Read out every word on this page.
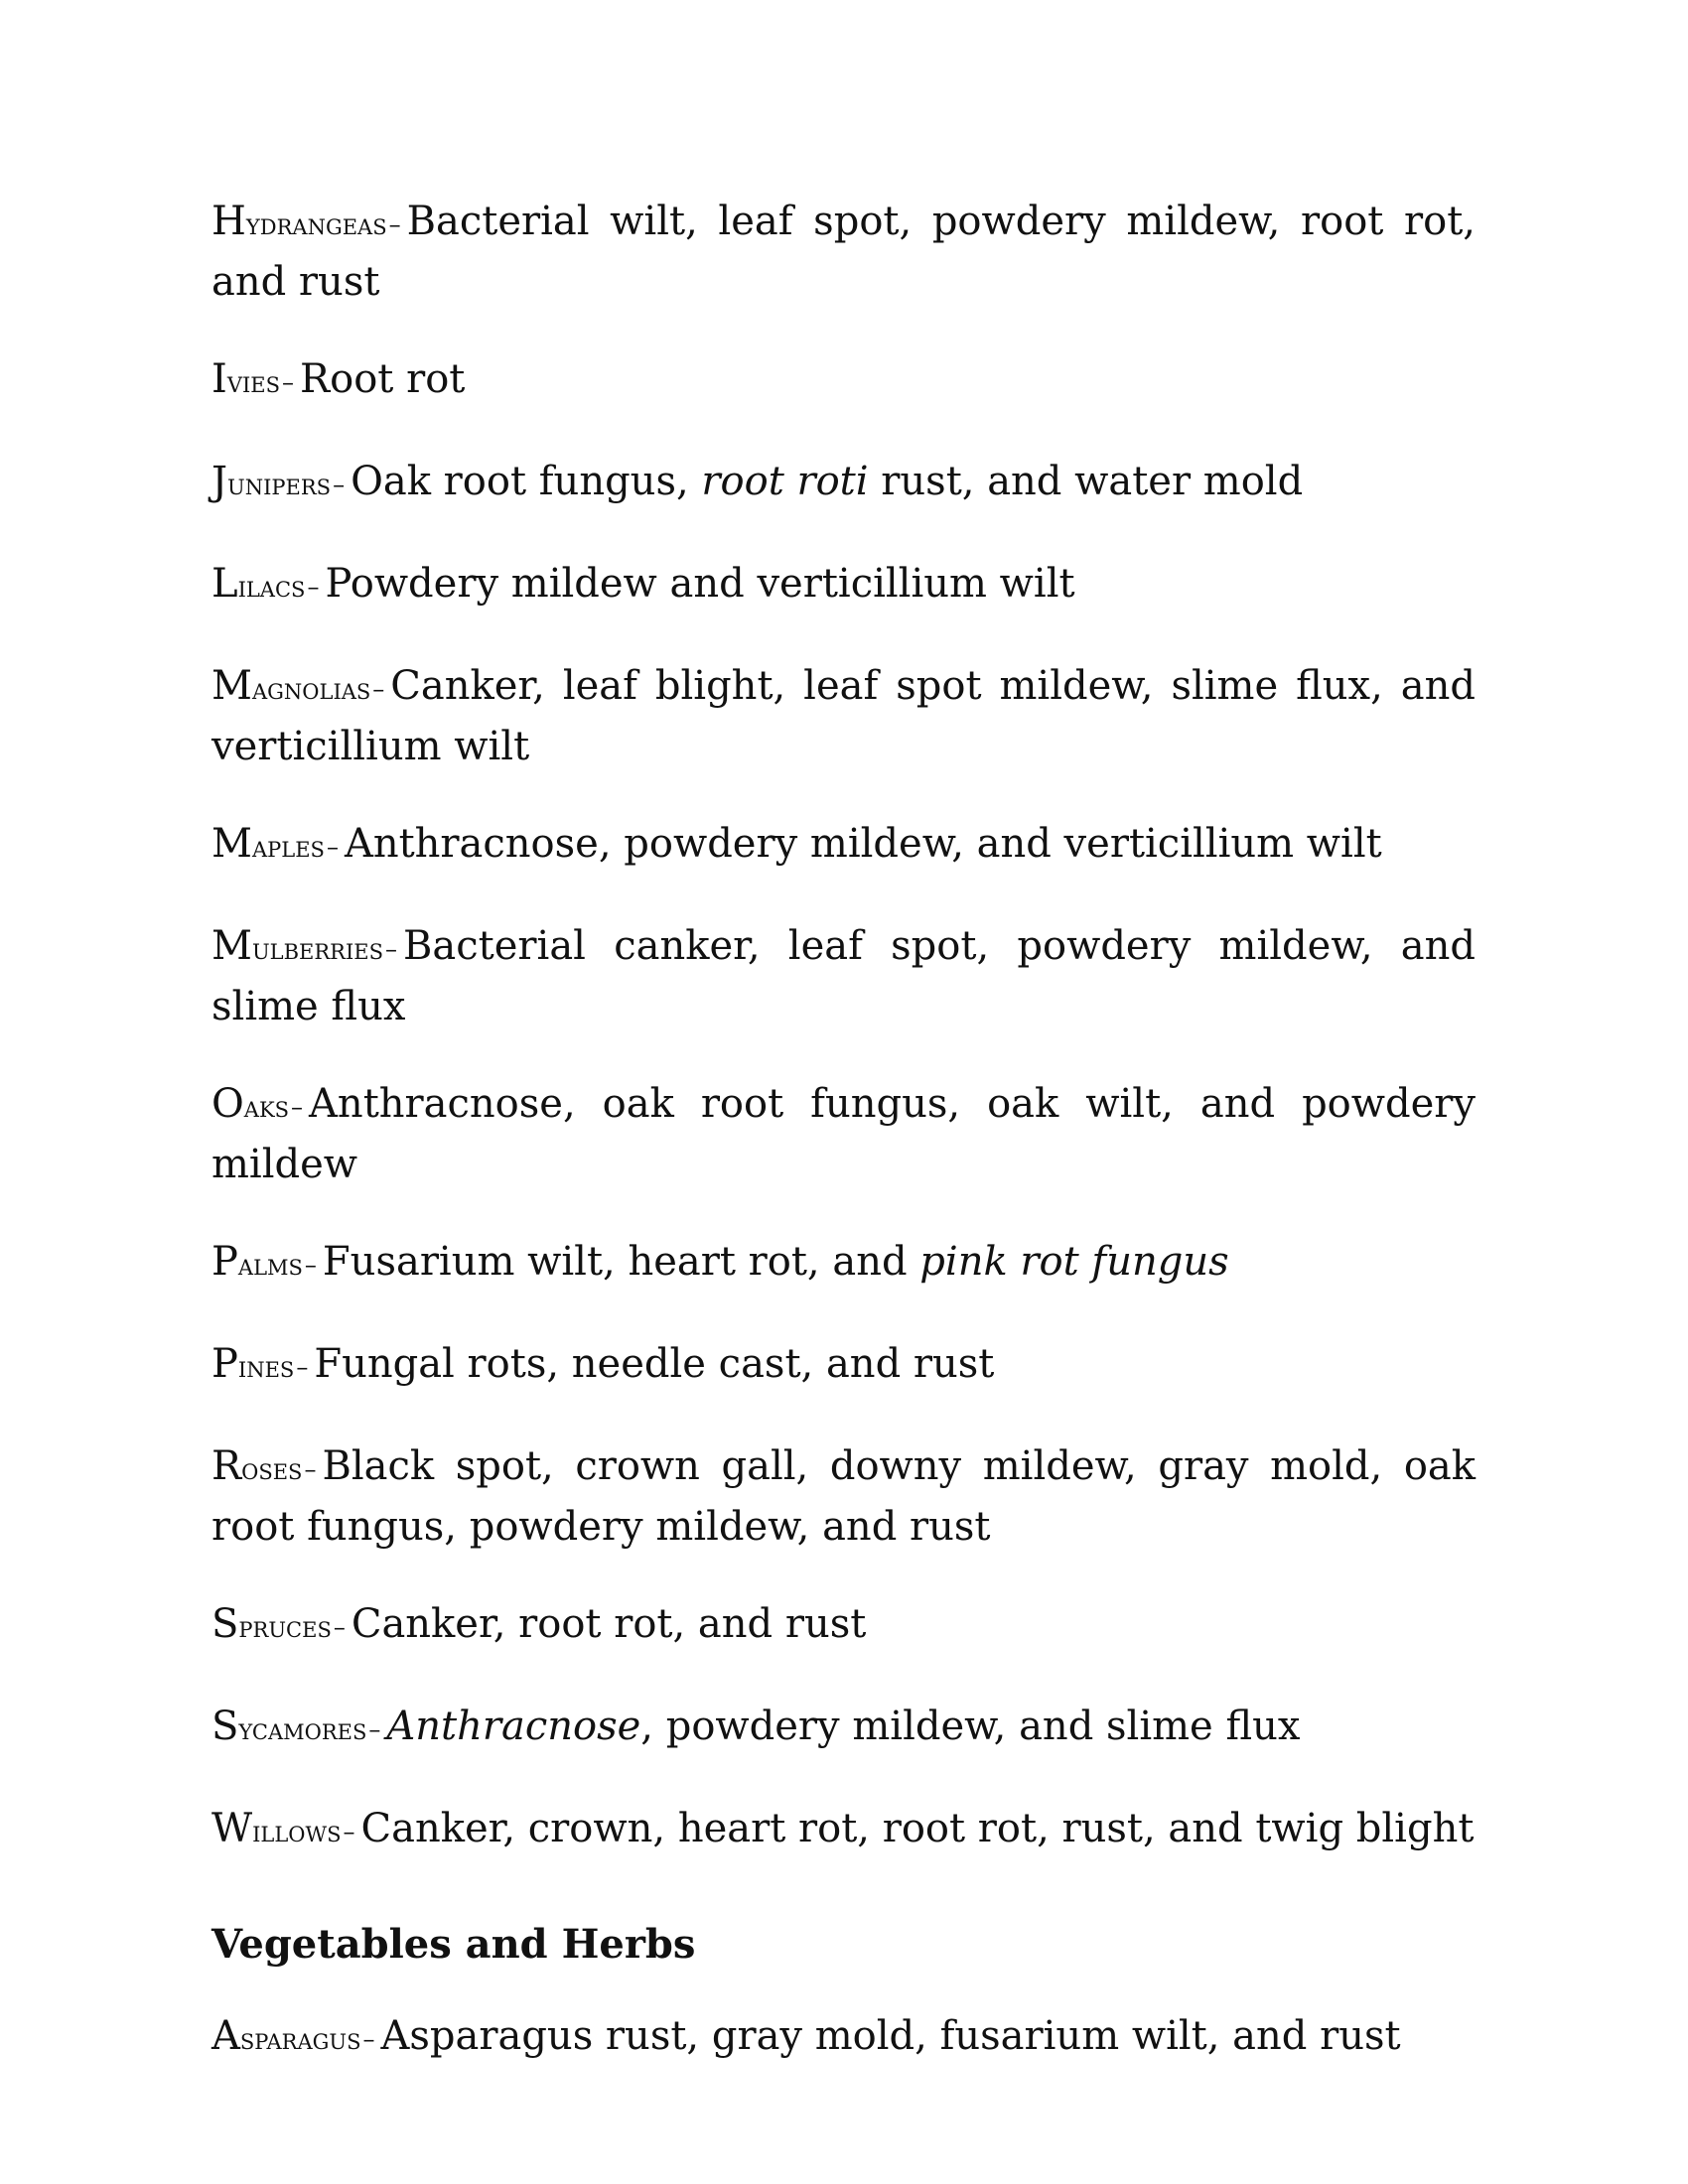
Hydrangeas– Bacterial wilt, leaf spot, powdery mildew, root rot, and rust

Ivies– Root rot

Junipers– Oak root fungus, root roti rust, and water mold

Lilacs– Powdery mildew and verticillium wilt

Magnolias– Canker, leaf blight, leaf spot mildew, slime flux, and verticillium wilt

Maples– Anthracnose, powdery mildew, and verticillium wilt

Mulberries– Bacterial canker, leaf spot, powdery mildew, and slime flux

Oaks– Anthracnose, oak root fungus, oak wilt, and powdery mildew

Palms– Fusarium wilt, heart rot, and pink rot fungus

Pines– Fungal rots, needle cast, and rust

Roses– Black spot, crown gall, downy mildew, gray mold, oak root fungus, powdery mildew, and rust

Spruces– Canker, root rot, and rust

Sycamores– Anthracnose, powdery mildew, and slime flux

Willows– Canker, crown, heart rot, root rot, rust, and twig blight

Vegetables and Herbs

Asparagus– Asparagus rust, gray mold, fusarium wilt, and rust
